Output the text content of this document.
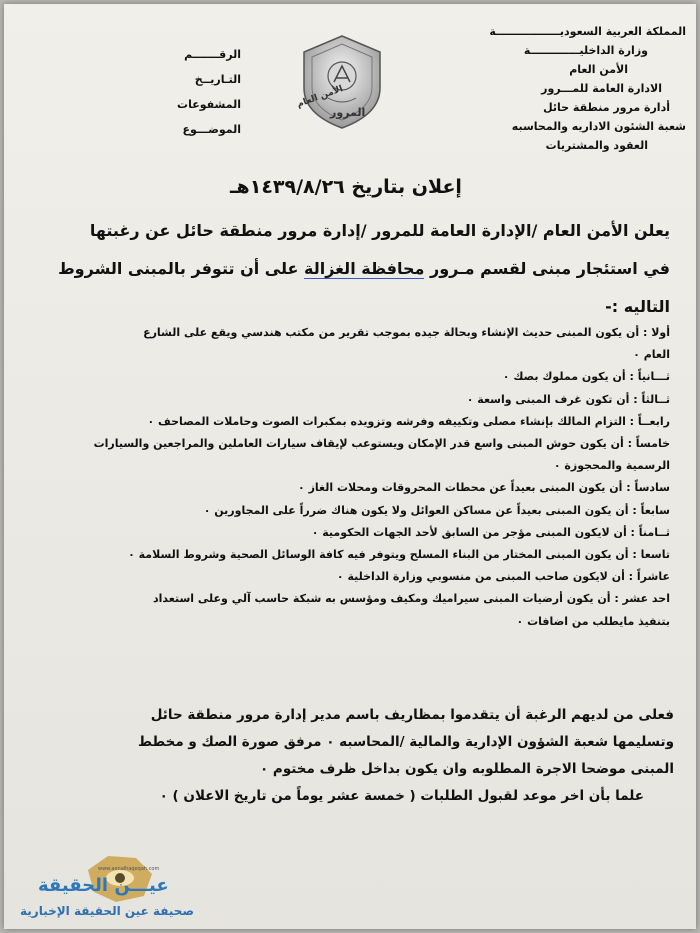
المملكة العربية السعوديـــــــــــــــــة
وزارة الداخليـــــــــــــة
الأمن العام
الادارة العامة للمـــرور
أدارة مرور منطقة حائل
شعبة الشئون الاداريه والمحاسبه
العقود والمشتريات
الأمن العام
المرور
الرقـــــــم
التـاريــخ
المشفوعات
الموضـــوع
إعلان بتاريخ ١٤٣٩/٨/٢٦هـ
يعلن الأمن العام /الإدارة العامة للمرور /إدارة مرور منطقة حائل عن رغبتها
في استئجار مبنى لقسم مـرور محافظة الغزالة على أن تتوفر بالمبنى الشروط
التاليه :-
أولا : أن يكون المبنى حديث الإنشاء وبحالة جيده بموجب تقرير من مكتب هندسي ويقع على الشارع
العام ٠
ثـــانياً : أن يكون مملوك بصك ٠
ثــالثاً : أن تكون غرف المبنى واسعة ٠
رابعــاً : التزام المالك بإنشاء مصلى وتكييفه وفرشه وتزويده بمكبرات الصوت وحاملات المصاحف ٠
خامساً : أن يكون حوش المبنى واسع قدر الإمكان ويستوعب لإيقاف سيارات العاملين والمراجعين والسيارات
الرسمية والمحجوزة ٠
سادساً : أن يكون المبنى بعيداً عن محطات المحروقات ومحلات الغاز ٠
سابعاً : أن يكون المبنى بعيداً عن مساكن العوائل ولا يكون هناك ضرراً على المجاورين ٠
ثــامناً : أن لايكون المبنى مؤجر من السابق لأحد الجهات الحكومية ٠
تاسعا : أن يكون المبنى المختار من البناء المسلح ويتوفر فيه كافة الوسائل الصحية وشروط السلامة ٠
عاشراً : أن لايكون صاحب المبنى من منسوبي وزارة الداخلية ٠
احد عشر : أن يكون أرضيات المبنى سيراميك ومكيف ومؤسس به شبكة حاسب آلي وعلى استعداد
بتنفيذ مايطلب من اضافات ٠
فعلى من لديهم الرغبة أن يتقدموا بمظاريف باسم مدير إدارة مرور منطقة حائل
وتسليمها شعبة الشؤون الإدارية والمالية /المحاسبه ٠ مرفق صورة الصك و مخطط
المبنى موضحا الاجرة المطلوبه وان يكون بداخل ظرف مختوم ٠
علما بأن اخر موعد لقبول الطلبات ( خمسة عشر يوماً من تاريخ الاعلان ) ٠
www.aenalhaqeqah.com
عيـــن الحقيقة
صحيفة عين الحقيقة الإخبارية
